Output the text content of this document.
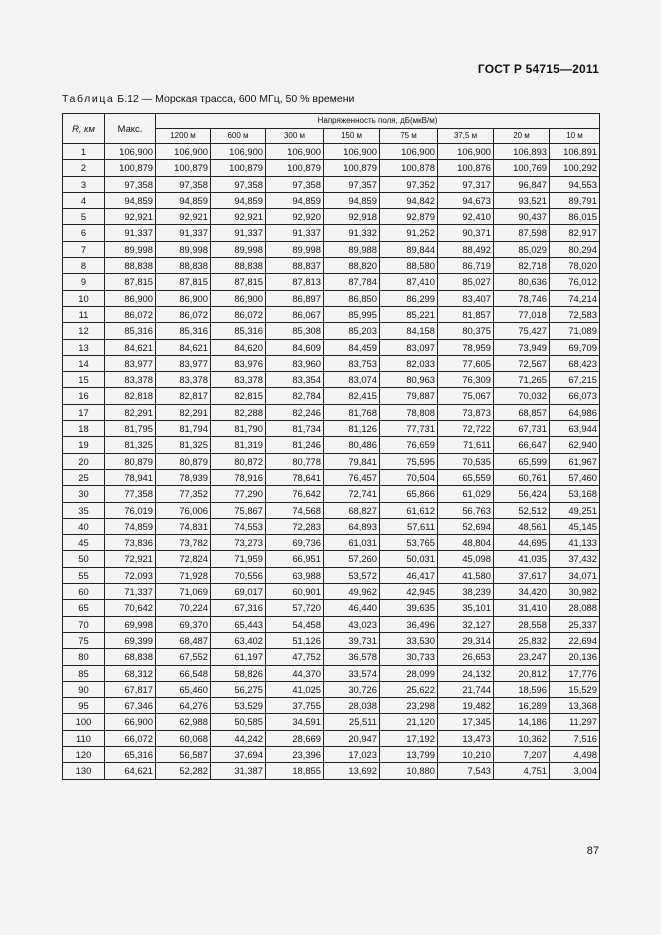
ГОСТ Р 54715—2011
Таблица Б.12 — Морская трасса, 600 МГц, 50 % времени
R, км	Макс.	Напряженность поля, дБ(мкВ/м)							
		1200 м	600 м	300 м	150 м	75 м	37,5 м	20 м	10 м
1	106,900	106,900	106,900	106,900	106,900	106,900	106,900	106,893	106,891
2	100,879	100,879	100,879	100,879	100,879	100,878	100,876	100,769	100,292
3	97,358	97,358	97,358	97,358	97,357	97,352	97,317	96,847	94,553
4	94,859	94,859	94,859	94,859	94,859	94,842	94,673	93,521	89,791
5	92,921	92,921	92,921	92,920	92,918	92,879	92,410	90,437	86,015
6	91,337	91,337	91,337	91,337	91,332	91,252	90,371	87,598	82,917
7	89,998	89,998	89,998	89,998	89,988	89,844	88,492	85,029	80,294
8	88,838	88,838	88,838	88,837	88,820	88,580	86,719	82,718	78,020
9	87,815	87,815	87,815	87,813	87,784	87,410	85,027	80,636	76,012
10	86,900	86,900	86,900	86,897	86,850	86,299	83,407	78,746	74,214
11	86,072	86,072	86,072	86,067	85,995	85,221	81,857	77,018	72,583
12	85,316	85,316	85,316	85,308	85,203	84,158	80,375	75,427	71,089
13	84,621	84,621	84,620	84,609	84,459	83,097	78,959	73,949	69,709
14	83,977	83,977	83,976	83,960	83,753	82,033	77,605	72,567	68,423
15	83,378	83,378	83,378	83,354	83,074	80,963	76,309	71,265	67,215
16	82,818	82,817	82,815	82,784	82,415	79,887	75,067	70,032	66,073
17	82,291	82,291	82,288	82,246	81,768	78,808	73,873	68,857	64,986
18	81,795	81,794	81,790	81,734	81,126	77,731	72,722	67,731	63,944
19	81,325	81,325	81,319	81,246	80,486	76,659	71,611	66,647	62,940
20	80,879	80,879	80,872	80,778	79,841	75,595	70,535	65,599	61,967
25	78,941	78,939	78,916	78,641	76,457	70,504	65,559	60,761	57,460
30	77,358	77,352	77,290	76,642	72,741	65,866	61,029	56,424	53,168
35	76,019	76,006	75,867	74,568	68,827	61,612	56,763	52,512	49,251
40	74,859	74,831	74,553	72,283	64,893	57,611	52,694	48,561	45,145
45	73,836	73,782	73,273	69,736	61,031	53,765	48,804	44,695	41,133
50	72,921	72,824	71,959	66,951	57,260	50,031	45,098	41,035	37,432
55	72,093	71,928	70,556	63,988	53,572	46,417	41,580	37,617	34,071
60	71,337	71,069	69,017	60,901	49,962	42,945	38,239	34,420	30,982
65	70,642	70,224	67,316	57,720	46,440	39,635	35,101	31,410	28,088
70	69,998	69,370	65,443	54,458	43,023	36,496	32,127	28,558	25,337
75	69,399	68,487	63,402	51,126	39,731	33,530	29,314	25,832	22,694
80	68,838	67,552	61,197	47,752	36,578	30,733	26,653	23,247	20,136
85	68,312	66,548	58,826	44,370	33,574	28,099	24,132	20,812	17,776
90	67,817	65,460	56,275	41,025	30,726	25,622	21,744	18,596	15,529
95	67,346	64,276	53,529	37,755	28,038	23,298	19,482	16,289	13,368
100	66,900	62,988	50,585	34,591	25,511	21,120	17,345	14,186	11,297
110	66,072	60,068	44,242	28,669	20,947	17,192	13,473	10,362	7,516
120	65,316	56,587	37,694	23,396	17,023	13,799	10,210	7,207	4,498
130	64,621	52,282	31,387	18,855	13,692	10,880	7,543	4,751	3,004
87
